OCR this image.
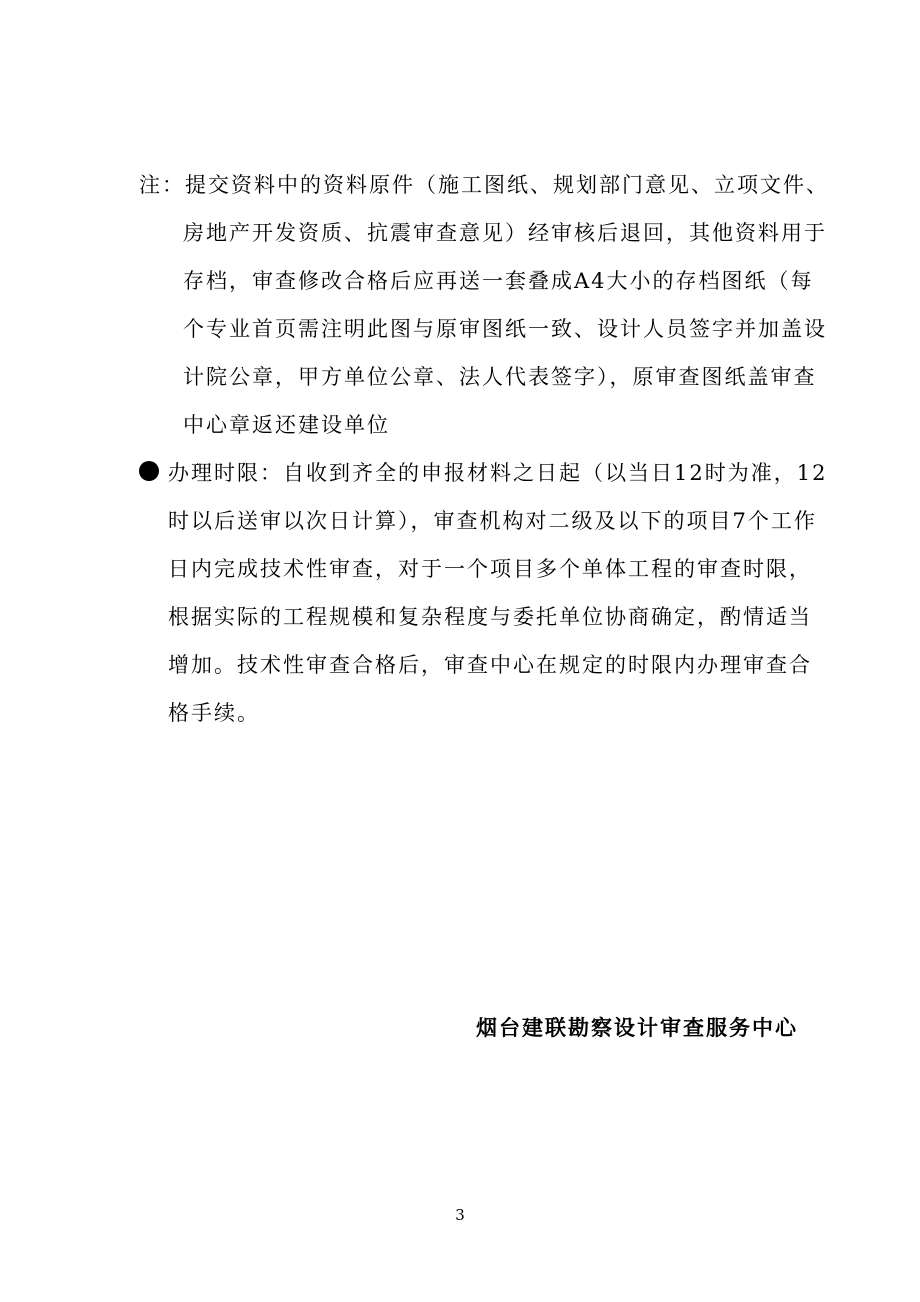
注：提交资料中的资料原件（施工图纸、规划部门意见、立项文件、
房地产开发资质、抗震审查意见）经审核后退回，其他资料用于
存档，审查修改合格后应再送一套叠成A4大小的存档图纸（每
个专业首页需注明此图与原审图纸一致、设计人员签字并加盖设
计院公章，甲方单位公章、法人代表签字），原审查图纸盖审查
中心章返还建设单位
办理时限：自收到齐全的申报材料之日起（以当日12时为准，12
时以后送审以次日计算），审查机构对二级及以下的项目7个工作
日内完成技术性审查，对于一个项目多个单体工程的审查时限，
根据实际的工程规模和复杂程度与委托单位协商确定，酌情适当
增加。技术性审查合格后，审查中心在规定的时限内办理审查合
格手续。
烟台建联勘察设计审查服务中心
3
